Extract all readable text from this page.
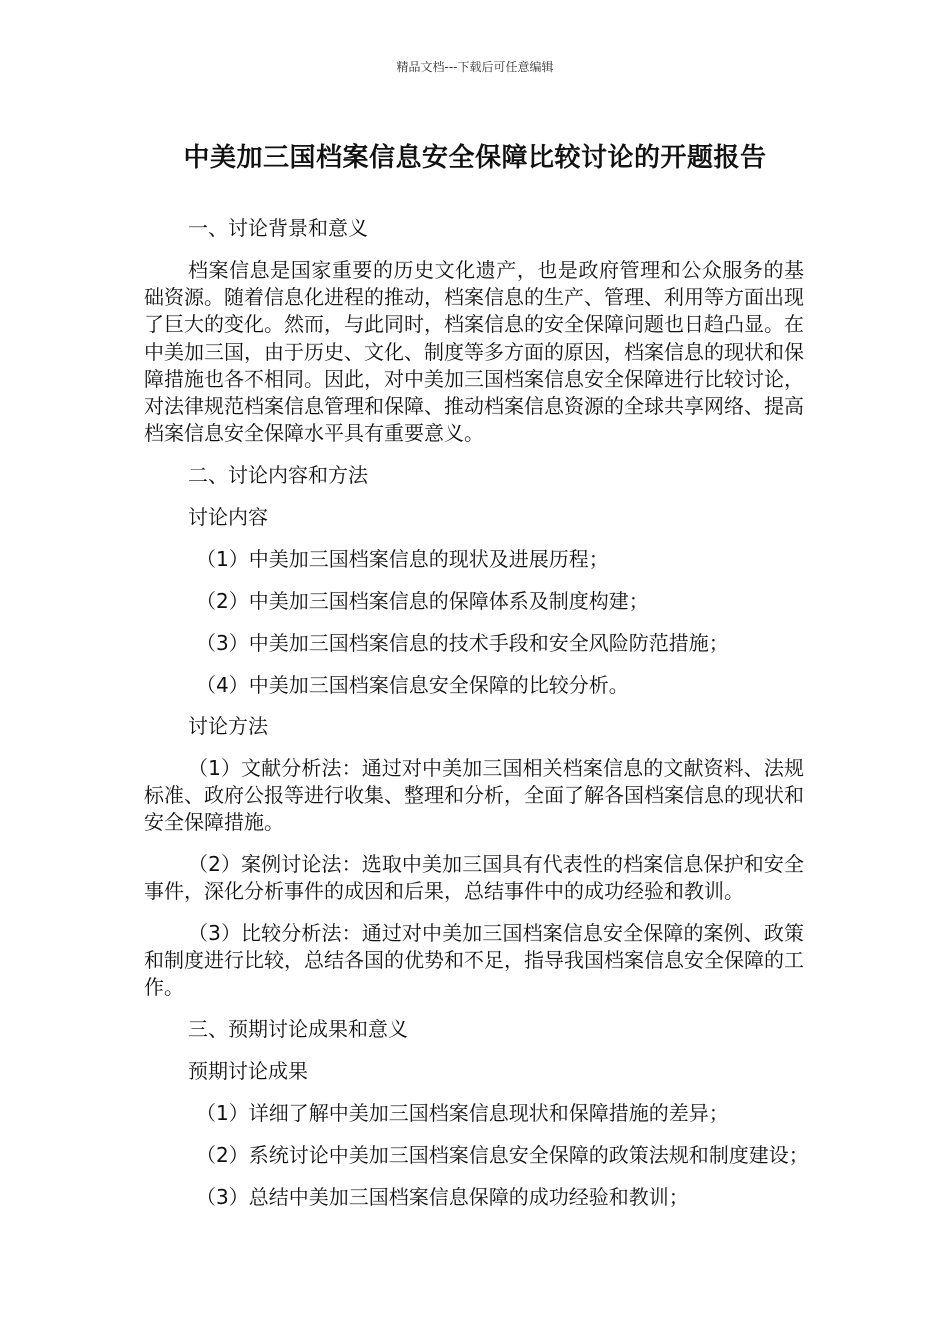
精品文档---下载后可任意编辑
中美加三国档案信息安全保障比较讨论的开题报告
一、讨论背景和意义
档案信息是国家重要的历史文化遗产，也是政府管理和公众服务的基础资源。随着信息化进程的推动，档案信息的生产、管理、利用等方面出现了巨大的变化。然而，与此同时，档案信息的安全保障问题也日趋凸显。在中美加三国，由于历史、文化、制度等多方面的原因，档案信息的现状和保障措施也各不相同。因此，对中美加三国档案信息安全保障进行比较讨论，对法律规范档案信息管理和保障、推动档案信息资源的全球共享网络、提高档案信息安全保障水平具有重要意义。
二、讨论内容和方法
讨论内容
（1）中美加三国档案信息的现状及进展历程；
（2）中美加三国档案信息的保障体系及制度构建；
（3）中美加三国档案信息的技术手段和安全风险防范措施；
（4）中美加三国档案信息安全保障的比较分析。
讨论方法
（1）文献分析法：通过对中美加三国相关档案信息的文献资料、法规标准、政府公报等进行收集、整理和分析，全面了解各国档案信息的现状和安全保障措施。
（2）案例讨论法：选取中美加三国具有代表性的档案信息保护和安全事件，深化分析事件的成因和后果，总结事件中的成功经验和教训。
（3）比较分析法：通过对中美加三国档案信息安全保障的案例、政策和制度进行比较，总结各国的优势和不足，指导我国档案信息安全保障的工作。
三、预期讨论成果和意义
预期讨论成果
（1）详细了解中美加三国档案信息现状和保障措施的差异；
（2）系统讨论中美加三国档案信息安全保障的政策法规和制度建设；
（3）总结中美加三国档案信息保障的成功经验和教训；
